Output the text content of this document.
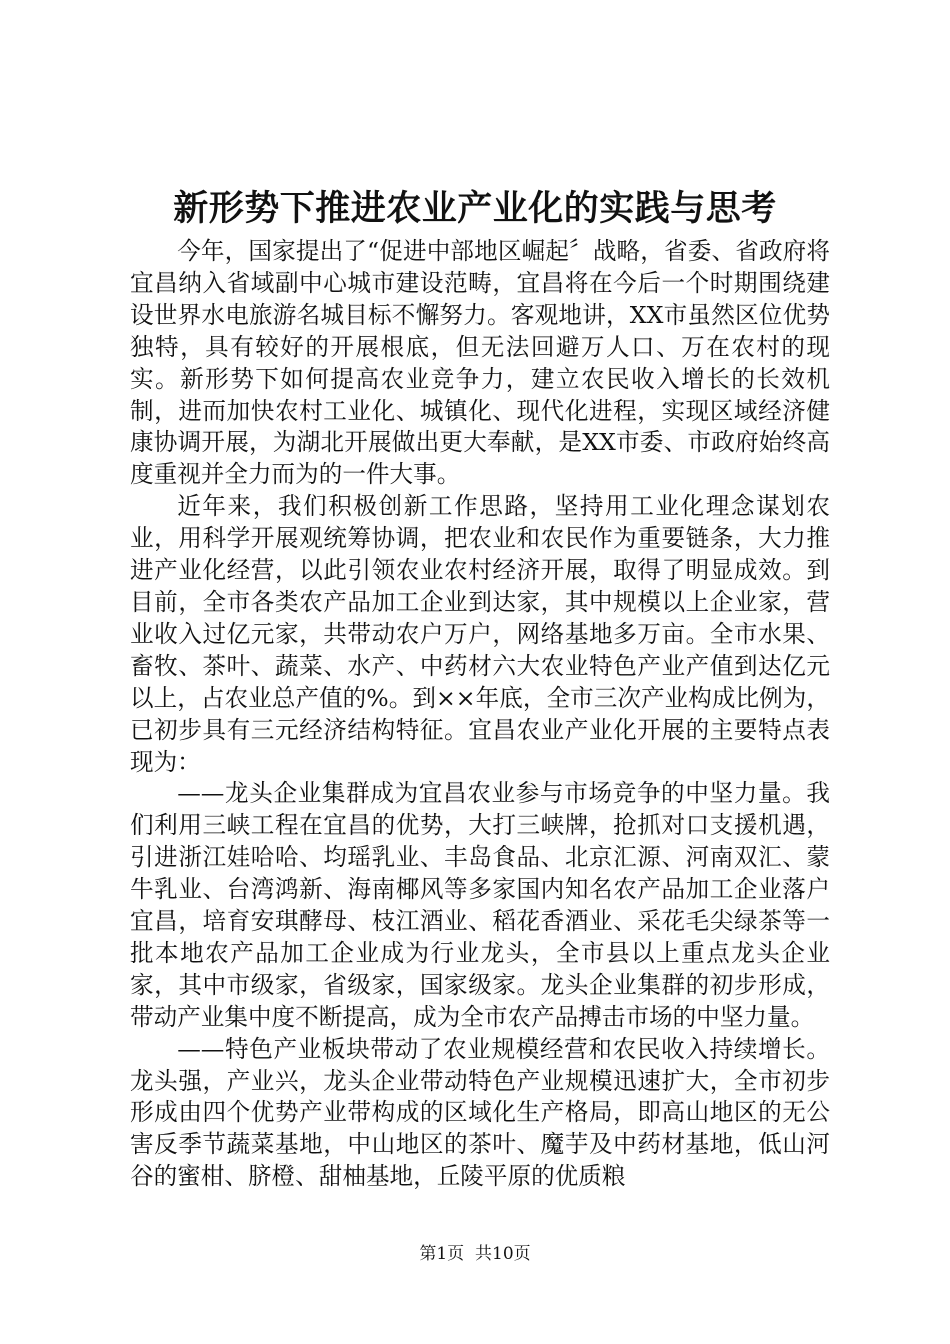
新形势下推进农业产业化的实践与思考

今年，国家提出了“促进中部地区崛起〞战略，省委、省政府将宜昌纳入省域副中心城市建设范畴，宜昌将在今后一个时期围绕建设世界水电旅游名城目标不懈努力。客观地讲，XX市虽然区位优势独特，具有较好的开展根底，但无法回避万人口、万在农村的现实。新形势下如何提高农业竞争力，建立农民收入增长的长效机制，进而加快农村工业化、城镇化、现代化进程，实现区域经济健康协调开展，为湖北开展做出更大奉献，是XX市委、市政府始终高度重视并全力而为的一件大事。

近年来，我们积极创新工作思路，坚持用工业化理念谋划农业，用科学开展观统筹协调，把农业和农民作为重要链条，大力推进产业化经营，以此引领农业农村经济开展，取得了明显成效。到目前，全市各类农产品加工企业到达家，其中规模以上企业家，营业收入过亿元家，共带动农户万户，网络基地多万亩。全市水果、畜牧、茶叶、蔬菜、水产、中药材六大农业特色产业产值到达亿元以上，占农业总产值的%。到××年底，全市三次产业构成比例为，已初步具有三元经济结构特征。宜昌农业产业化开展的主要特点表现为：

——龙头企业集群成为宜昌农业参与市场竞争的中坚力量。我们利用三峡工程在宜昌的优势，大打三峡牌，抢抓对口支援机遇，引进浙江娃哈哈、均瑶乳业、丰岛食品、北京汇源、河南双汇、蒙牛乳业、台湾鸿新、海南椰风等多家国内知名农产品加工企业落户宜昌，培育安琪酵母、枝江酒业、稻花香酒业、采花毛尖绿茶等一批本地农产品加工企业成为行业龙头，全市县以上重点龙头企业家，其中市级家，省级家，国家级家。龙头企业集群的初步形成，带动产业集中度不断提高，成为全市农产品搏击市场的中坚力量。

——特色产业板块带动了农业规模经营和农民收入持续增长。龙头强，产业兴，龙头企业带动特色产业规模迅速扩大，全市初步形成由四个优势产业带构成的区域化生产格局，即高山地区的无公害反季节蔬菜基地，中山地区的茶叶、魔芋及中药材基地，低山河谷的蜜柑、脐橙、甜柚基地，丘陵平原的优质粮

第1页 共10页
